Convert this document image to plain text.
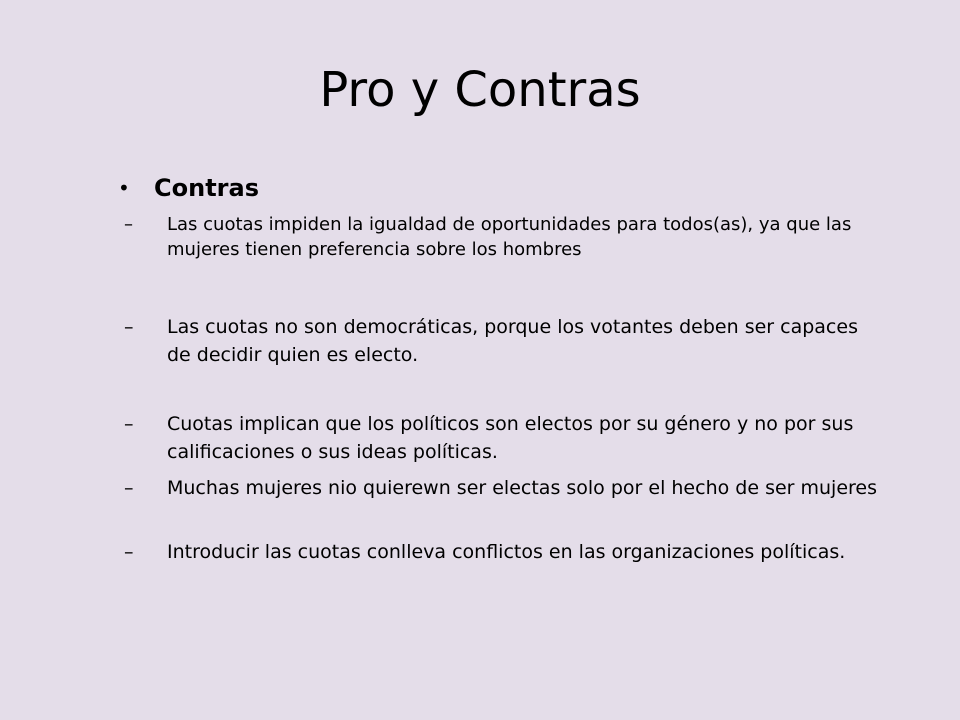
Pro y Contras
• Contras
– Las cuotas impiden la igualdad de oportunidades para todos(as), ya que las mujeres tienen preferencia sobre los hombres
– Las cuotas no son democráticas, porque los votantes deben ser capaces de decidir quien es electo.
– Cuotas implican que los políticos son electos por su género y no por sus calificaciones o sus ideas políticas.
– Muchas mujeres nio quierewn ser electas solo por el hecho de ser mujeres
– Introducir las cuotas conlleva conflictos en las organizaciones políticas.
